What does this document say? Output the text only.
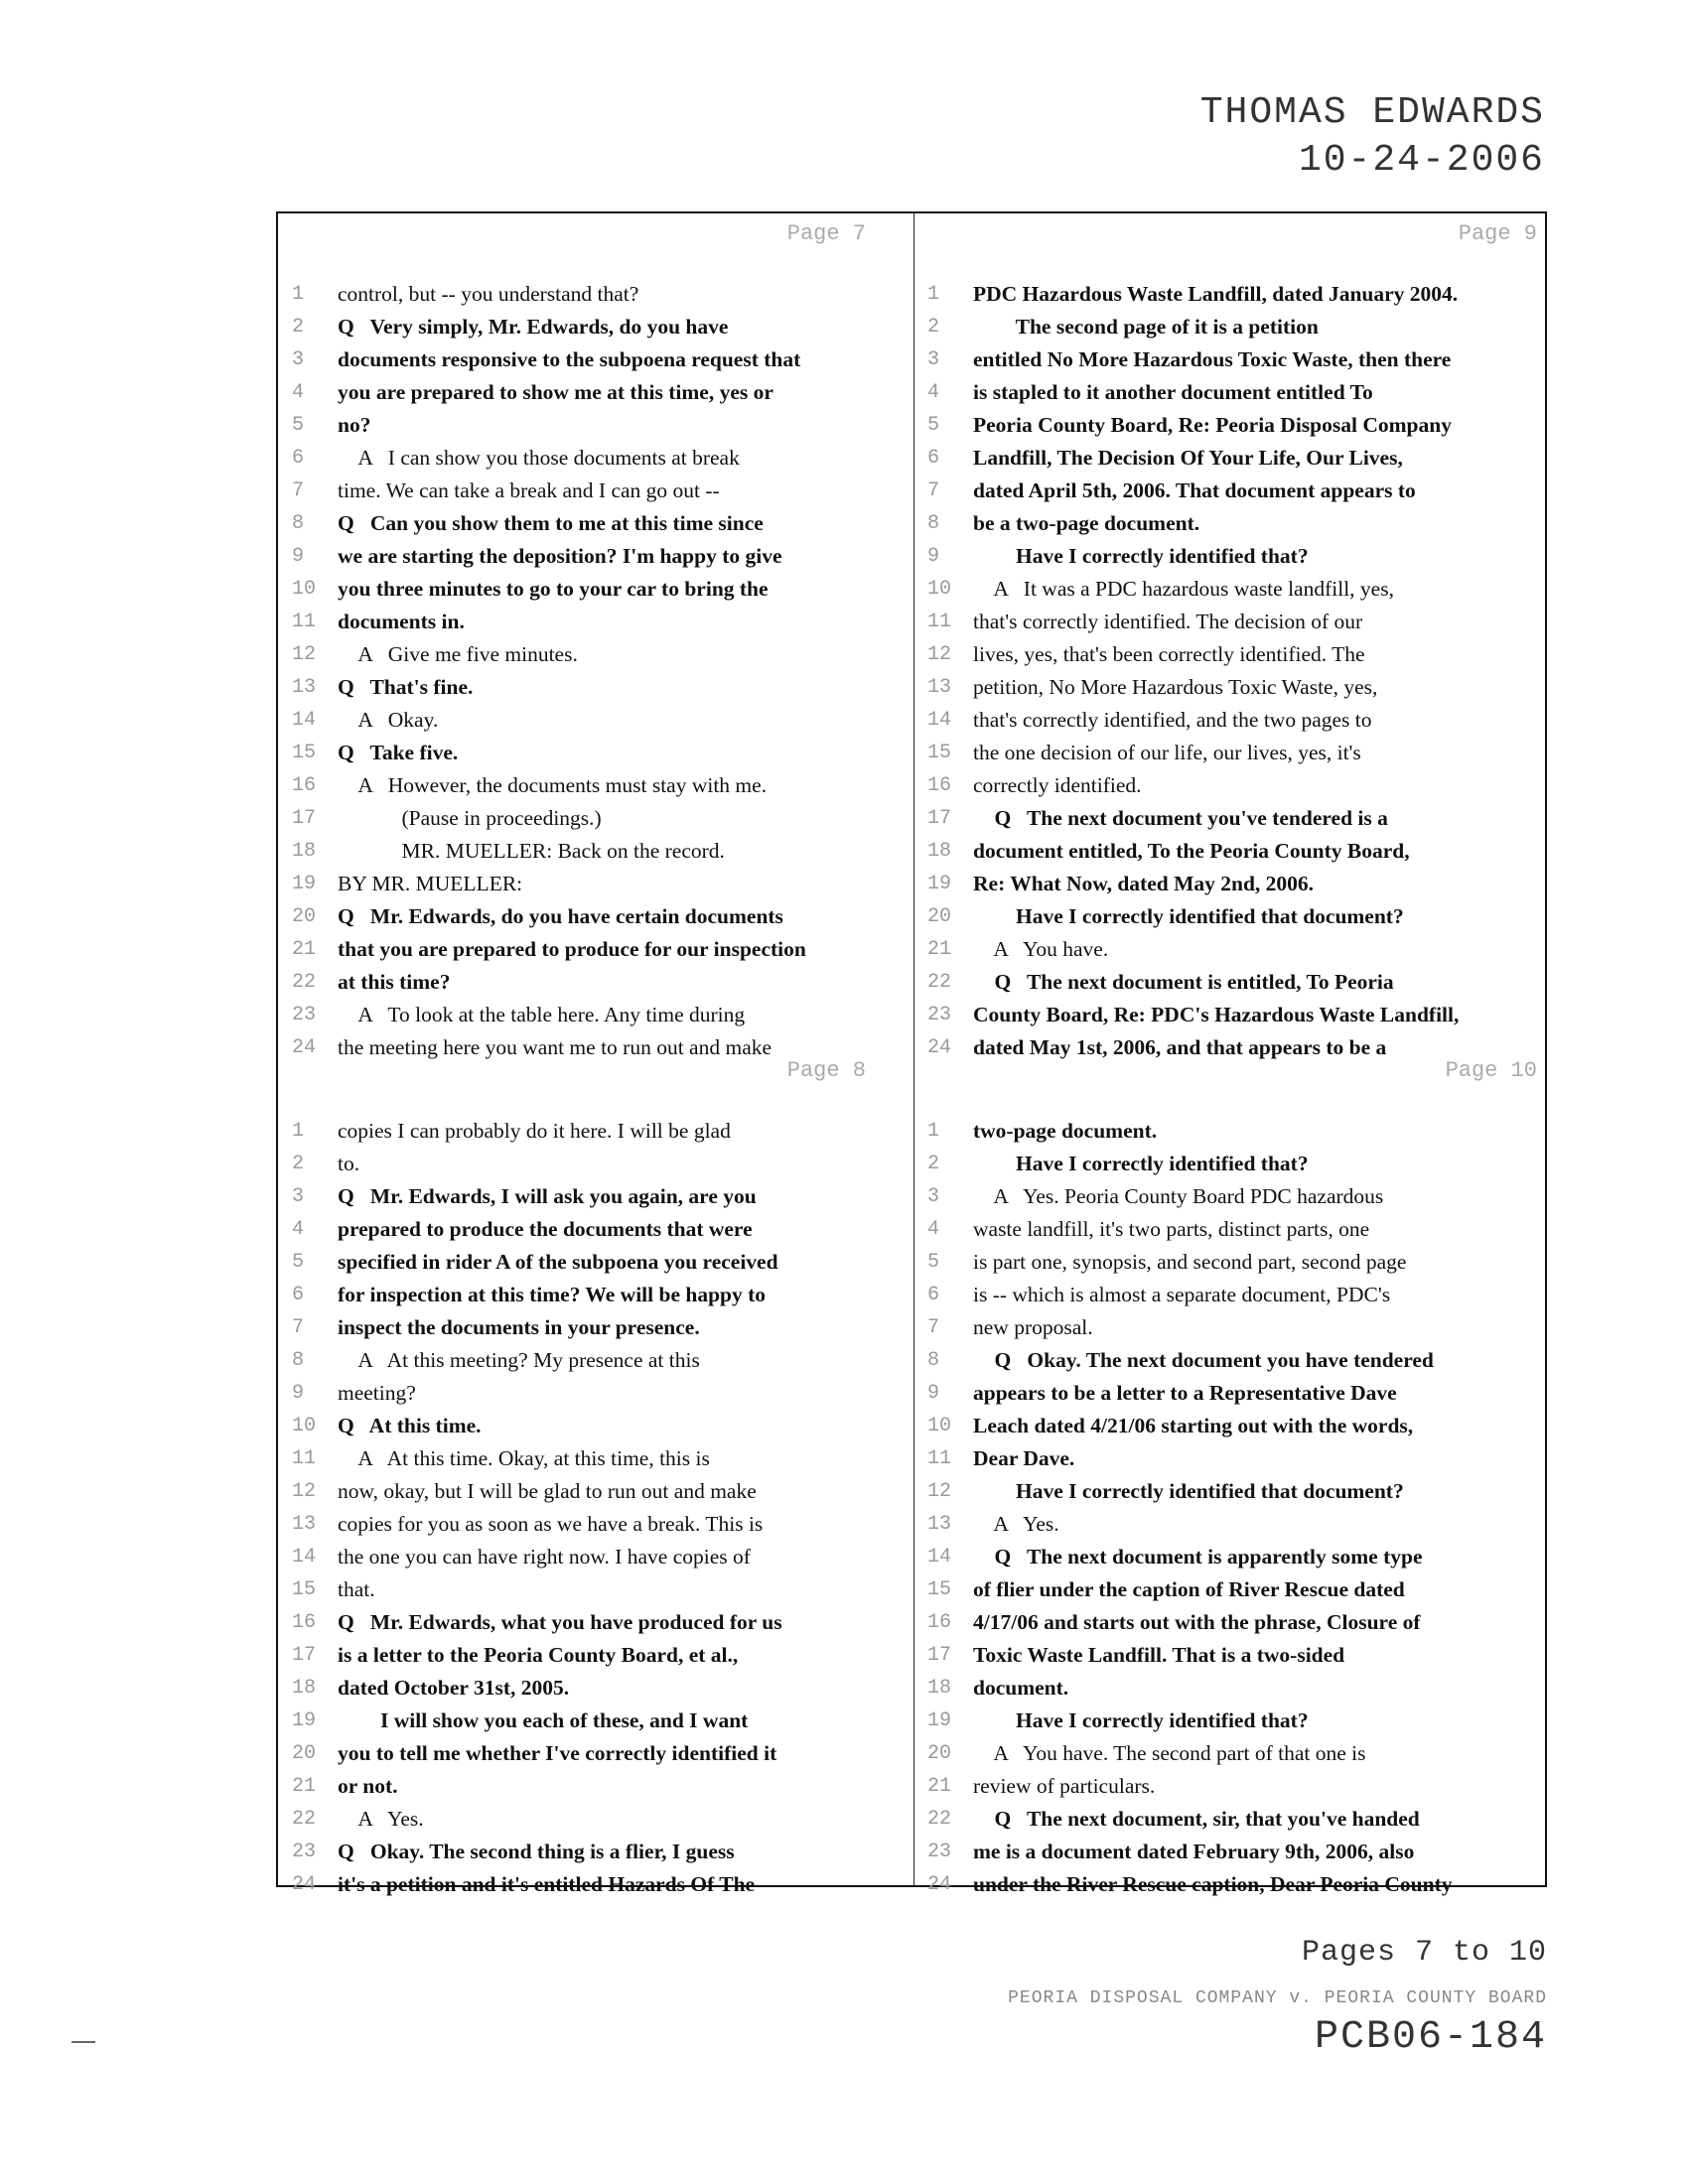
THOMAS EDWARDS
10-24-2006
Page 7
1	control, but -- you understand that?
2	Q   Very simply, Mr. Edwards, do you have
3	documents responsive to the subpoena request that
4	you are prepared to show me at this time, yes or
5	no?
6	A   I can show you those documents at break
7	time. We can take a break and I can go out --
8	Q   Can you show them to me at this time since
9	we are starting the deposition? I'm happy to give
10 you three minutes to go to your car to bring the
11 documents in.
12 A   Give me five minutes.
13 Q   That's fine.
14 A   Okay.
15 Q   Take five.
16 A   However, the documents must stay with me.
17 (Pause in proceedings.)
18 MR. MUELLER: Back on the record.
19 BY MR. MUELLER:
20 Q   Mr. Edwards, do you have certain documents
21 that you are prepared to produce for our inspection
22 at this time?
23 A   To look at the table here. Any time during
24 the meeting here you want me to run out and make
Page 9
1	PDC Hazardous Waste Landfill, dated January 2004.
2	The second page of it is a petition
3	entitled No More Hazardous Toxic Waste, then there
4	is stapled to it another document entitled To
5	Peoria County Board, Re: Peoria Disposal Company
6	Landfill, The Decision Of Your Life, Our Lives,
7	dated April 5th, 2006. That document appears to
8	be a two-page document.
9	Have I correctly identified that?
10 A   It was a PDC hazardous waste landfill, yes,
11 that's correctly identified. The decision of our
12 lives, yes, that's been correctly identified. The
13 petition, No More Hazardous Toxic Waste, yes,
14 that's correctly identified, and the two pages to
15 the one decision of our life, our lives, yes, it's
16 correctly identified.
17 Q   The next document you've tendered is a
18 document entitled, To the Peoria County Board,
19 Re: What Now, dated May 2nd, 2006.
20 Have I correctly identified that document?
21 A   You have.
22 Q   The next document is entitled, To Peoria
23 County Board, Re: PDC's Hazardous Waste Landfill,
24 dated May 1st, 2006, and that appears to be a
Page 8
1	copies I can probably do it here. I will be glad
2	to.
3	Q   Mr. Edwards, I will ask you again, are you
4	prepared to produce the documents that were
5	specified in rider A of the subpoena you received
6	for inspection at this time? We will be happy to
7	inspect the documents in your presence.
8	A   At this meeting? My presence at this
9	meeting?
10 Q   At this time.
11 A   At this time. Okay, at this time, this is
12 now, okay, but I will be glad to run out and make
13 copies for you as soon as we have a break. This is
14 the one you can have right now. I have copies of
15 that.
16 Q   Mr. Edwards, what you have produced for us
17 is a letter to the Peoria County Board, et al.,
18 dated October 31st, 2005.
19 I will show you each of these, and I want
20 you to tell me whether I've correctly identified it
21 or not.
22 A   Yes.
23 Q   Okay. The second thing is a flier, I guess
24 it's a petition and it's entitled Hazards Of The
Page 10
1	two-page document.
2	Have I correctly identified that?
3	A   Yes. Peoria County Board PDC hazardous
4	waste landfill, it's two parts, distinct parts, one
5	is part one, synopsis, and second part, second page
6	is -- which is almost a separate document, PDC's
7	new proposal.
8	Q   Okay. The next document you have tendered
9	appears to be a letter to a Representative Dave
10 Leach dated 4/21/06 starting out with the words,
11 Dear Dave.
12 Have I correctly identified that document?
13 A   Yes.
14 Q   The next document is apparently some type
15 of flier under the caption of River Rescue dated
16 4/17/06 and starts out with the phrase, Closure of
17 Toxic Waste Landfill. That is a two-sided
18 document.
19 Have I correctly identified that?
20 A   You have. The second part of that one is
21 review of particulars.
22 Q   The next document, sir, that you've handed
23 me is a document dated February 9th, 2006, also
24 under the River Rescue caption, Dear Peoria County
Pages 7 to 10
PEORIA DISPOSAL COMPANY v. PEORIA COUNTY BOARD
PCB06-184
